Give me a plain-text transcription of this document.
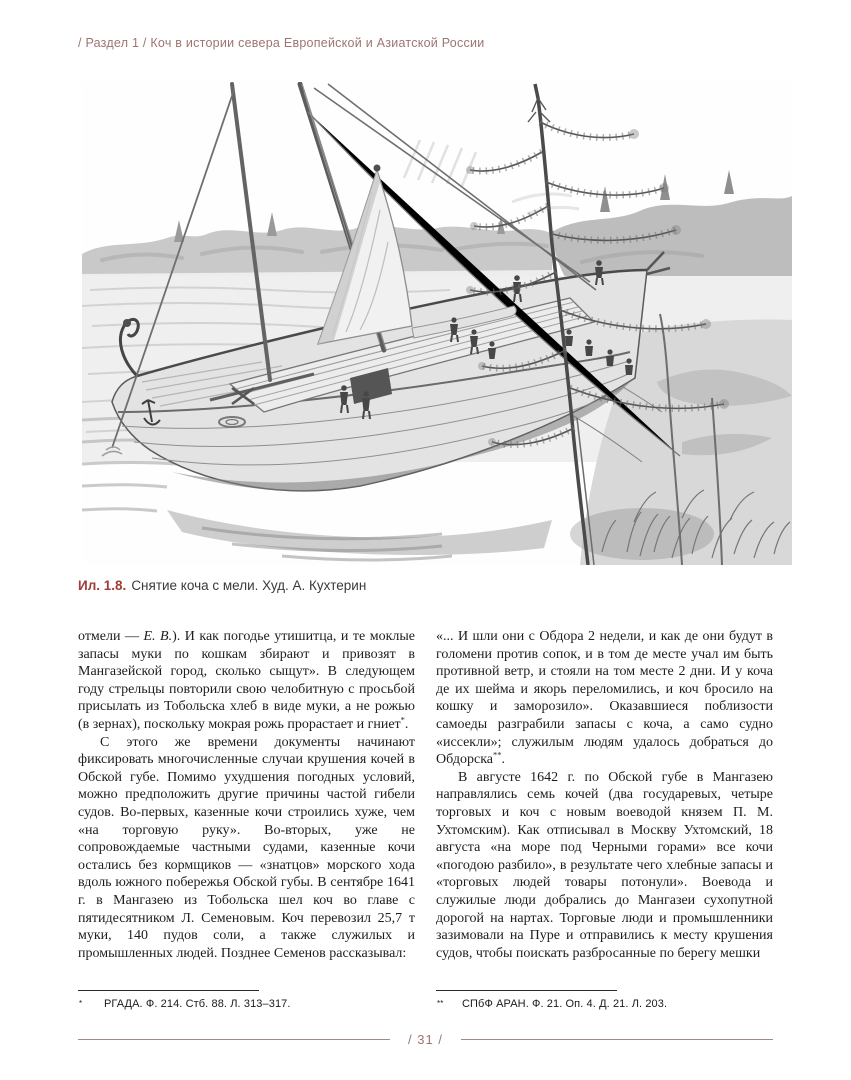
/ Раздел 1 / Коч в истории севера Европейской и Азиатской России

Ил. 1.8. Снятие коча с мели. Худ. А. Кухтерин

отмели — Е. В.). И как погодье утишитца, и те моклые запасы муки по кошкам збирают и привозят в Мангазейской город, сколько сыщут». В следующем году стрельцы повторили свою челобитную с просьбой присылать из Тобольска хлеб в виде муки, а не рожью (в зернах), поскольку мокрая рожь прорастает и гниет*.

С этого же времени документы начинают фиксировать многочисленные случаи крушения кочей в Обской губе. Помимо ухудшения погодных условий, можно предположить другие причины частой гибели судов. Во-первых, казенные кочи строились хуже, чем «на торговую руку». Во-вторых, уже не сопровождаемые частными судами, казенные кочи остались без кормщиков — «знатцов» морского хода вдоль южного побережья Обской губы. В сентябре 1641 г. в Мангазею из Тобольска шел коч во главе с пятидесятником Л. Семеновым. Коч перевозил 25,7 т муки, 140 пудов соли, а также служилых и промышленных людей. Позднее Семенов рассказывал:

«... И шли они с Обдора 2 недели, и как де они будут в голомени против сопок, и в том де месте учал им быть противной ветр, и стояли на том месте 2 дни. И у коча де их шейма и якорь переломились, и коч бросило на кошку и заморозило». Оказавшиеся поблизости самоеды разграбили запасы с коча, а само судно «иссекли»; служилым людям удалось добраться до Обдорска**.

В августе 1642 г. по Обской губе в Мангазею направлялись семь кочей (два государевых, четыре торговых и коч с новым воеводой князем П. М. Ухтомским). Как отписывал в Москву Ухтомский, 18 августа «на море под Черными горами» все кочи «погодою разбило», в результате чего хлебные запасы и «торговых людей товары потонули». Воевода и служилые люди добрались до Мангазеи сухопутной дорогой на нартах. Торговые люди и промышленники зазимовали на Пуре и отправились к месту крушения судов, чтобы поискать разбросанные по берегу мешки

* РГАДА. Ф. 214. Стб. 88. Л. 313–317.	** СПбФ АРАН. Ф. 21. Оп. 4. Д. 21. Л. 203.
/ 31 /
